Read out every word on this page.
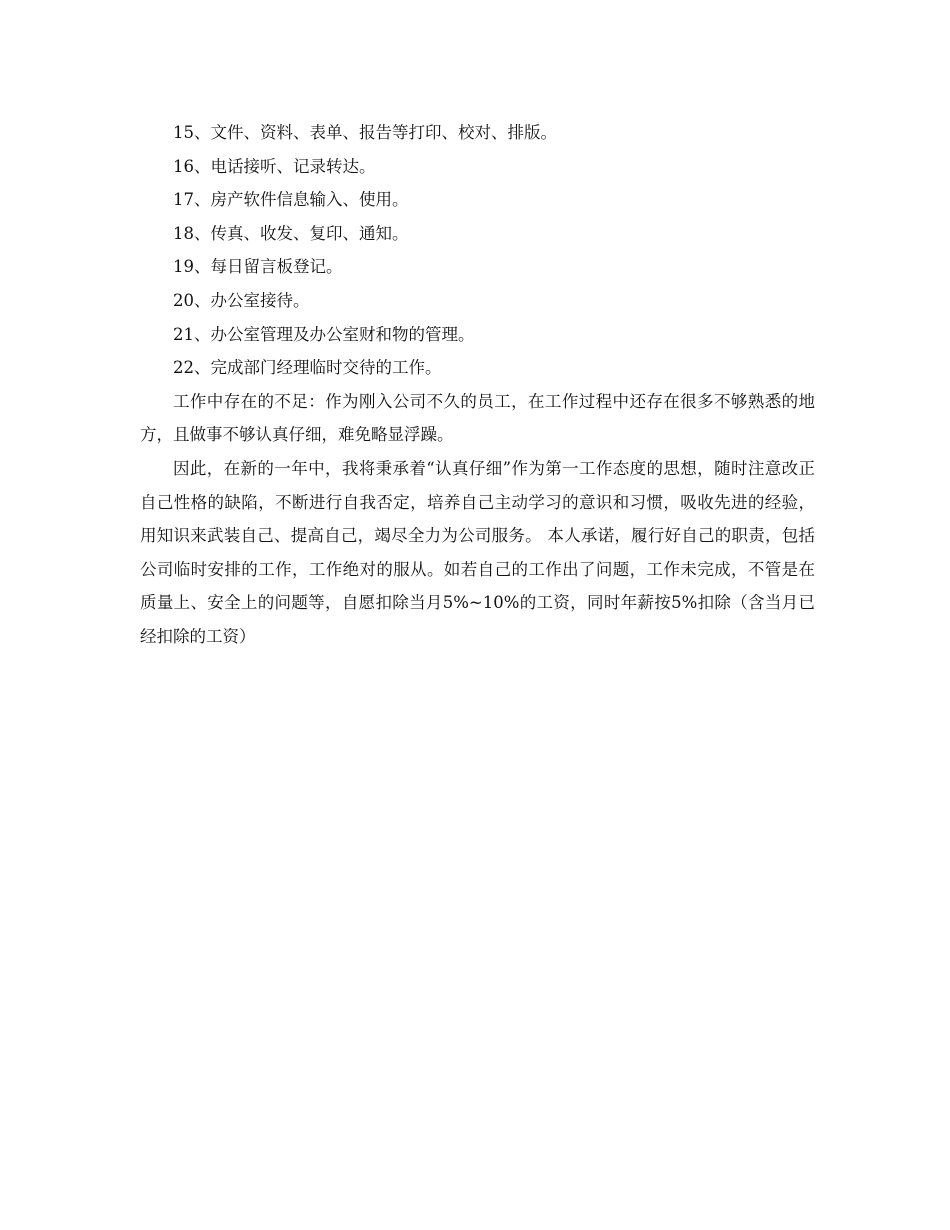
15、文件、资料、表单、报告等打印、校对、排版。
16、电话接听、记录转达。
17、房产软件信息输入、使用。
18、传真、收发、复印、通知。
19、每日留言板登记。
20、办公室接待。
21、办公室管理及办公室财和物的管理。
22、完成部门经理临时交待的工作。

工作中存在的不足：作为刚入公司不久的员工，在工作过程中还存在很多不够熟悉的地方，且做事不够认真仔细，难免略显浮躁。

因此，在新的一年中，我将秉承着“认真仔细”作为第一工作态度的思想，随时注意改正自己性格的缺陷，不断进行自我否定，培养自己主动学习的意识和习惯，吸收先进的经验，用知识来武装自己、提高自己，竭尽全力为公司服务。 本人承诺，履行好自己的职责，包括公司临时安排的工作，工作绝对的服从。如若自己的工作出了问题，工作未完成，不管是在质量上、安全上的问题等，自愿扣除当月5%~10%的工资，同时年薪按5%扣除（含当月已经扣除的工资）
